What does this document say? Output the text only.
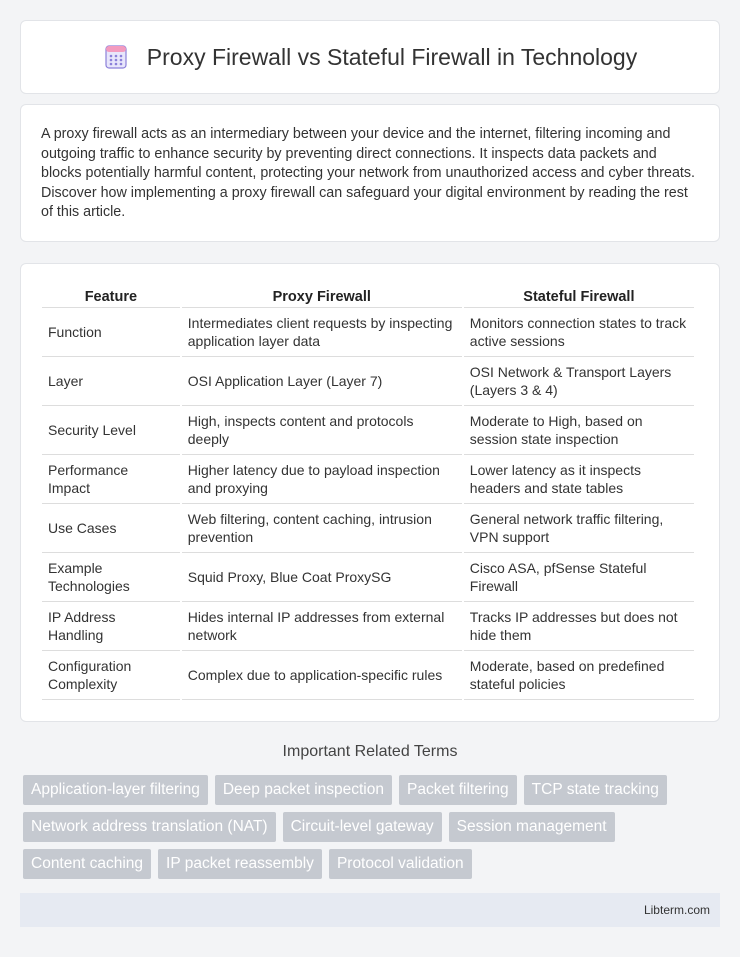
Proxy Firewall vs Stateful Firewall in Technology

A proxy firewall acts as an intermediary between your device and the internet, filtering incoming and outgoing traffic to enhance security by preventing direct connections. It inspects data packets and blocks potentially harmful content, protecting your network from unauthorized access and cyber threats. Discover how implementing a proxy firewall can safeguard your digital environment by reading the rest of this article.

Feature	Proxy Firewall	Stateful Firewall
Function	Intermediates client requests by inspecting application layer data	Monitors connection states to track active sessions
Layer	OSI Application Layer (Layer 7)	OSI Network & Transport Layers (Layers 3 & 4)
Security Level	High, inspects content and protocols deeply	Moderate to High, based on session state inspection
Performance Impact	Higher latency due to payload inspection and proxying	Lower latency as it inspects headers and state tables
Use Cases	Web filtering, content caching, intrusion prevention	General network traffic filtering, VPN support
Example Technologies	Squid Proxy, Blue Coat ProxySG	Cisco ASA, pfSense Stateful Firewall
IP Address Handling	Hides internal IP addresses from external network	Tracks IP addresses but does not hide them
Configuration Complexity	Complex due to application-specific rules	Moderate, based on predefined stateful policies
Important Related Terms
Application-layer filtering	Deep packet inspection	Packet filtering	TCP state tracking
Network address translation (NAT)	Circuit-level gateway	Session management
Content caching	IP packet reassembly	Protocol validation
Libterm.com
